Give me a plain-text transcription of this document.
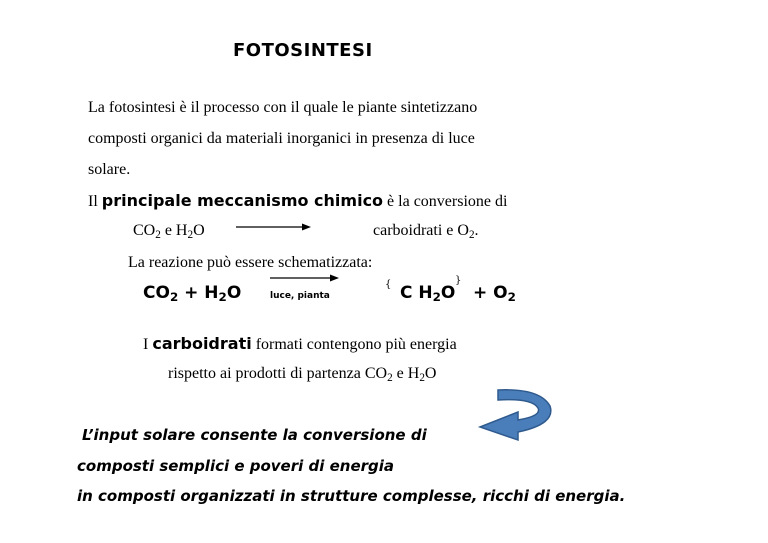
FOTOSINTESI
La fotosintesi è il processo con il quale le piante sintetizzano
composti organici da materiali inorganici in presenza di luce
solare.
Il principale meccanismo chimico è la conversione di
$CO_2$ e $H_2O$	carboidrati e $O_2$.
La reazione può essere schematizzata:
$CO_2 + H_2O$	luce, pianta
{ C $H_2O$
}
+ $O_2$
I carboidrati formati contengono più energia
rispetto ai prodotti di partenza $CO_2$ e $H_2O$
L’input solare consente la conversione di
composti semplici e poveri di energia
in composti organizzati in strutture complesse, ricchi di energia.
